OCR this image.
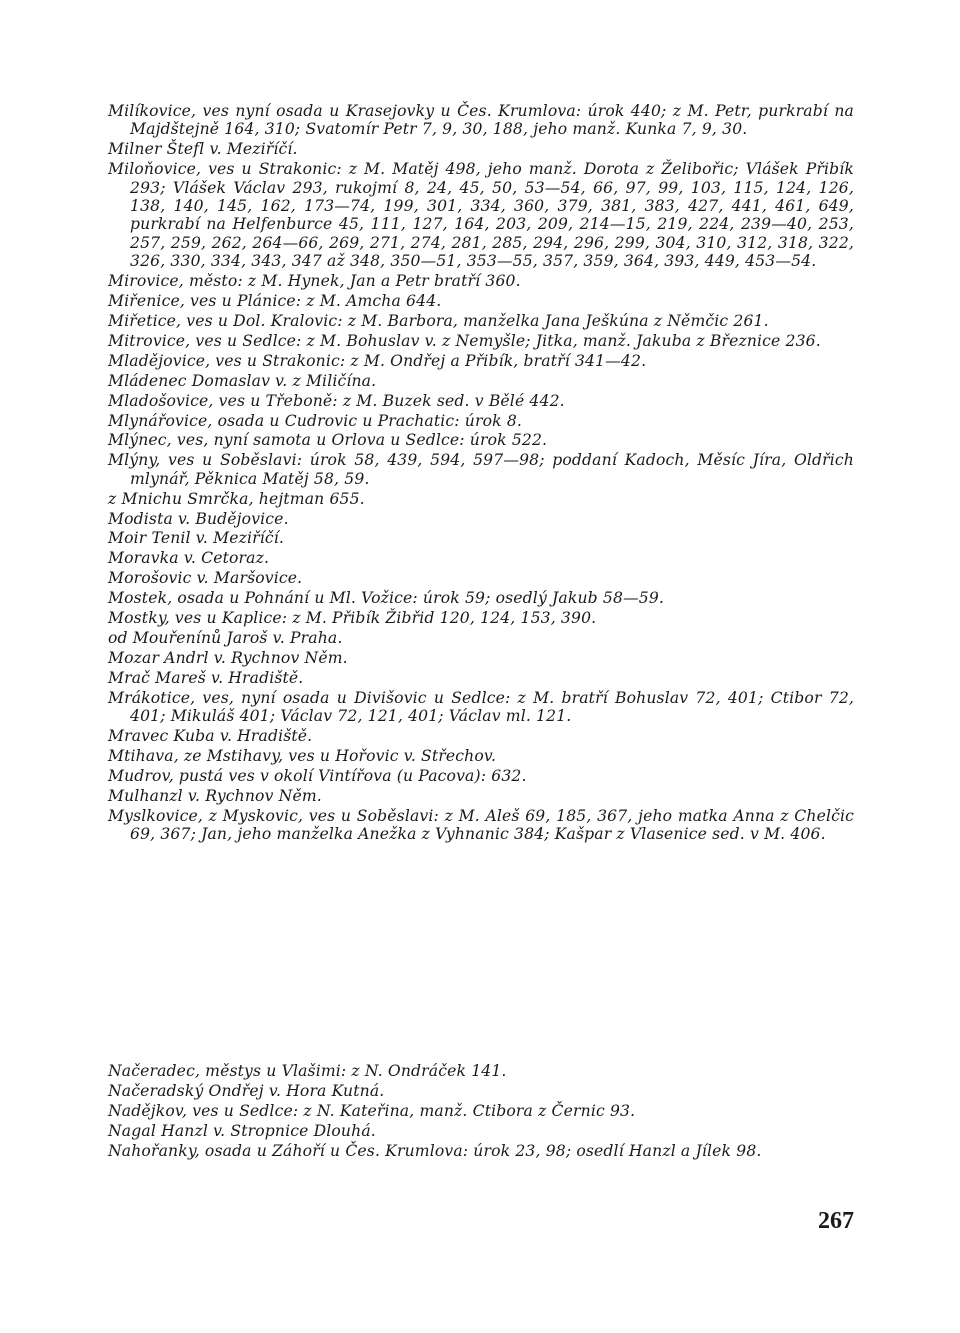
Milíkovice, ves nyní osada u Krasejovky u Čes. Krumlova: úrok 440; z M. Petr, purkrabí na Majdštejně 164, 310; Svatomír Petr 7, 9, 30, 188, jeho manž. Kunka 7, 9, 30.

Milner Štefl v. Meziříčí.

Miloňovice, ves u Strakonic: z M. Matěj 498, jeho manž. Dorota z Želibořic; Vlášek Přibík 293; Vlášek Václav 293, rukojmí 8, 24, 45, 50, 53—54, 66, 97, 99, 103, 115, 124, 126, 138, 140, 145, 162, 173—74, 199, 301, 334, 360, 379, 381, 383, 427, 441, 461, 649, purkrabí na Helfenburce 45, 111, 127, 164, 203, 209, 214—15, 219, 224, 239—40, 253, 257, 259, 262, 264—66, 269, 271, 274, 281, 285, 294, 296, 299, 304, 310, 312, 318, 322, 326, 330, 334, 343, 347 až 348, 350—51, 353—55, 357, 359, 364, 393, 449, 453—54.

Mirovice, město: z M. Hynek, Jan a Petr bratří 360.

Miřenice, ves u Plánice: z M. Amcha 644.

Miřetice, ves u Dol. Kralovic: z M. Barbora, manželka Jana Ješkúna z Němčic 261.

Mitrovice, ves u Sedlce: z M. Bohuslav v. z Nemyšle; Jitka, manž. Jakuba z Březnice 236.

Mladějovice, ves u Strakonic: z M. Ondřej a Přibík, bratří 341—42.

Mládenec Domaslav v. z Miličína.

Mladošovice, ves u Třeboně: z M. Buzek sed. v Bělé 442.

Mlynářovice, osada u Cudrovic u Prachatic: úrok 8.

Mlýnec, ves, nyní samota u Orlova u Sedlce: úrok 522.

Mlýny, ves u Soběslavi: úrok 58, 439, 594, 597—98; poddaní Kadoch, Měsíc Jíra, Oldřich mlynář, Pěknica Matěj 58, 59.

z Mnichu Smrčka, hejtman 655.

Modista v. Budějovice.

Moir Tenil v. Meziříčí.

Moravka v. Cetoraz.

Morošovic v. Maršovice.

Mostek, osada u Pohnání u Ml. Vožice: úrok 59; osedlý Jakub 58—59.

Mostky, ves u Kaplice: z M. Přibík Žibřid 120, 124, 153, 390.

od Mouřenínů Jaroš v. Praha.

Mozar Andrl v. Rychnov Něm.

Mrač Mareš v. Hradiště.

Mrákotice, ves, nyní osada u Divišovic u Sedlce: z M. bratří Bohuslav 72, 401; Ctibor 72, 401; Mikuláš 401; Václav 72, 121, 401; Václav ml. 121.

Mravec Kuba v. Hradiště.

Mtihava, ze Mstihavy, ves u Hořovic v. Střechov.

Mudrov, pustá ves v okolí Vintířova (u Pacova): 632.

Mulhanzl v. Rychnov Něm.

Myslkovice, z Myskovic, ves u Soběslavi: z M. Aleš 69, 185, 367, jeho matka Anna z Chelčic 69, 367; Jan, jeho manželka Anežka z Vyhnanic 384; Kašpar z Vlasenice sed. v M. 406.

Načeradec, městys u Vlašimi: z N. Ondráček 141.

Načeradský Ondřej v. Hora Kutná.

Nadějkov, ves u Sedlce: z N. Kateřina, manž. Ctibora z Černic 93.

Nagal Hanzl v. Stropnice Dlouhá.

Nahořanky, osada u Záhoří u Čes. Krumlova: úrok 23, 98; osedlí Hanzl a Jílek 98.

267
